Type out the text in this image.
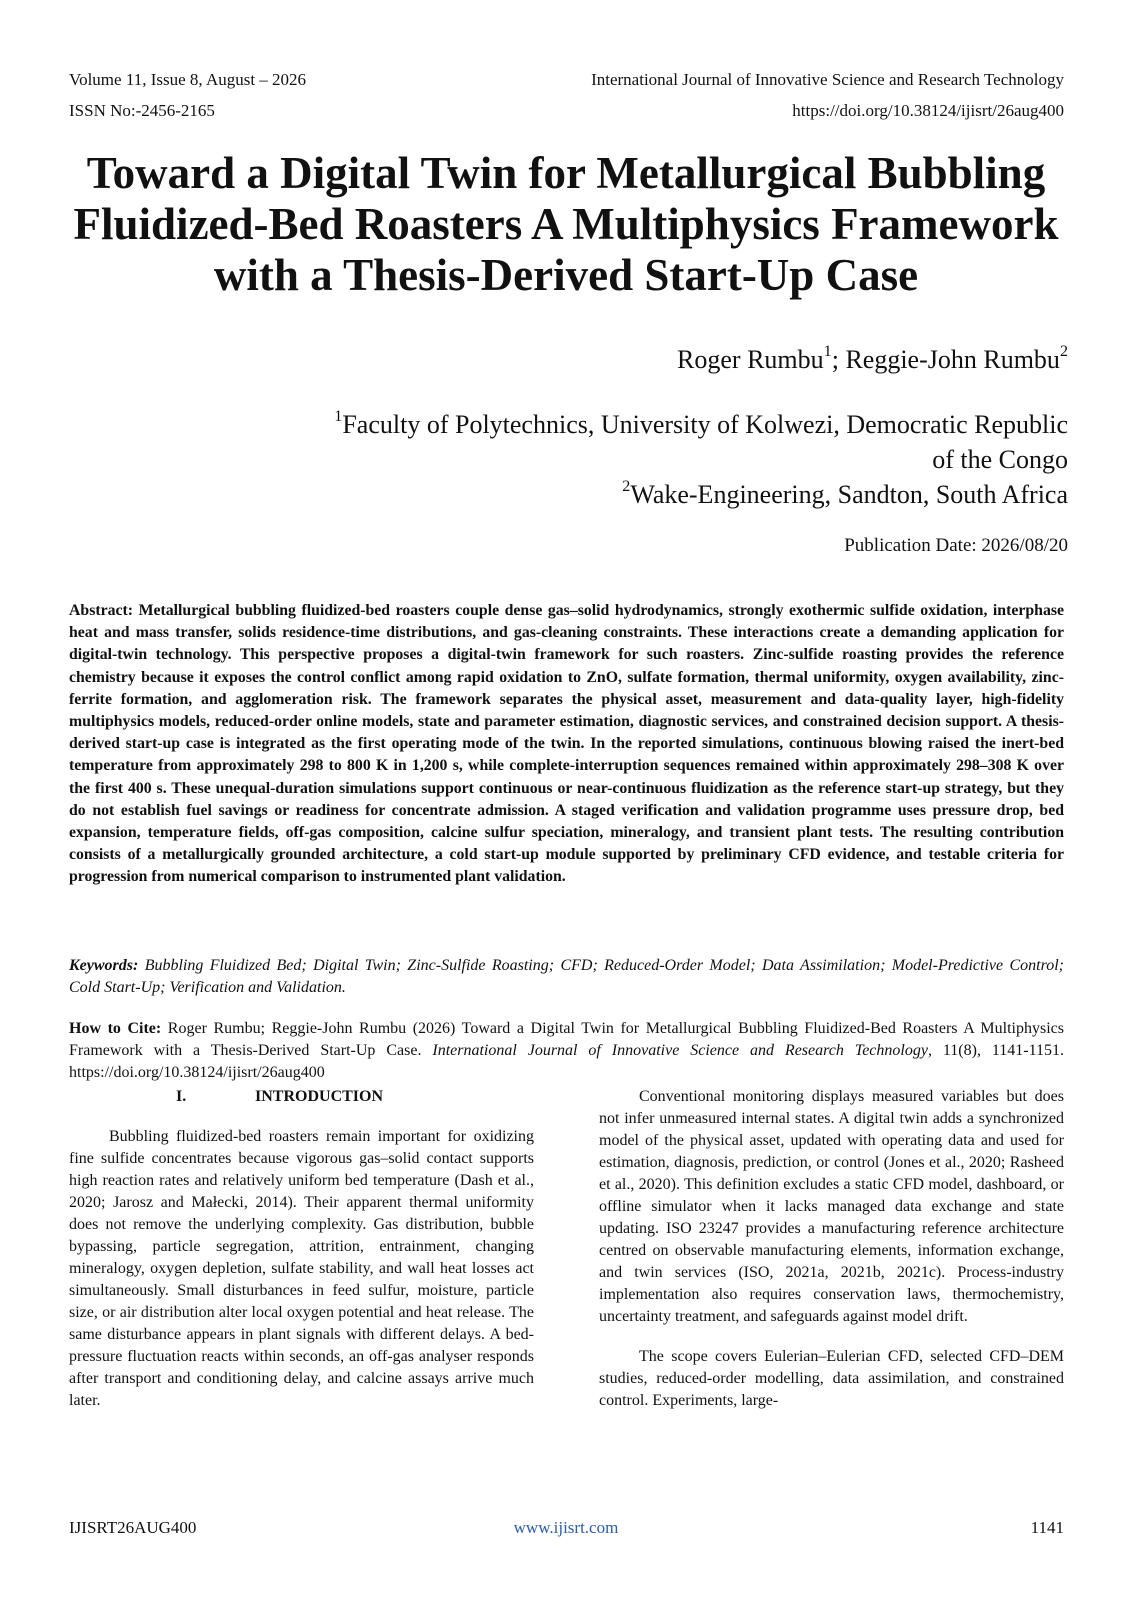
Volume 11, Issue 8, August – 2026	International Journal of Innovative Science and Research Technology
ISSN No:-2456-2165	https://doi.org/10.38124/ijisrt/26aug400
Toward a Digital Twin for Metallurgical Bubbling Fluidized-Bed Roasters A Multiphysics Framework with a Thesis-Derived Start-Up Case
Roger Rumbu$^1$; Reggie-John Rumbu$^2$
$^1$Faculty of Polytechnics, University of Kolwezi, Democratic Republic of the Congo
$^2$Wake-Engineering, Sandton, South Africa
Publication Date: 2026/08/20

Abstract: Metallurgical bubbling fluidized-bed roasters couple dense gas–solid hydrodynamics, strongly exothermic sulfide oxidation, interphase heat and mass transfer, solids residence-time distributions, and gas-cleaning constraints. These interactions create a demanding application for digital-twin technology. This perspective proposes a digital-twin framework for such roasters. Zinc-sulfide roasting provides the reference chemistry because it exposes the control conflict among rapid oxidation to ZnO, sulfate formation, thermal uniformity, oxygen availability, zinc-ferrite formation, and agglomeration risk. The framework separates the physical asset, measurement and data-quality layer, high-fidelity multiphysics models, reduced-order online models, state and parameter estimation, diagnostic services, and constrained decision support. A thesis-derived start-up case is integrated as the first operating mode of the twin. In the reported simulations, continuous blowing raised the inert-bed temperature from approximately 298 to 800 K in 1,200 s, while complete-interruption sequences remained within approximately 298–308 K over the first 400 s. These unequal-duration simulations support continuous or near-continuous fluidization as the reference start-up strategy, but they do not establish fuel savings or readiness for concentrate admission. A staged verification and validation programme uses pressure drop, bed expansion, temperature fields, off-gas composition, calcine sulfur speciation, mineralogy, and transient plant tests. The resulting contribution consists of a metallurgically grounded architecture, a cold start-up module supported by preliminary CFD evidence, and testable criteria for progression from numerical comparison to instrumented plant validation.

Keywords: Bubbling Fluidized Bed; Digital Twin; Zinc-Sulfide Roasting; CFD; Reduced-Order Model; Data Assimilation; Model-Predictive Control; Cold Start-Up; Verification and Validation.

How to Cite: Roger Rumbu; Reggie-John Rumbu (2026) Toward a Digital Twin for Metallurgical Bubbling Fluidized-Bed Roasters A Multiphysics Framework with a Thesis-Derived Start-Up Case. International Journal of Innovative Science and Research Technology, 11(8), 1141-1151. https://doi.org/10.38124/ijisrt/26aug400

I.	INTRODUCTION

Bubbling fluidized-bed roasters remain important for oxidizing fine sulfide concentrates because vigorous gas–solid contact supports high reaction rates and relatively uniform bed temperature (Dash et al., 2020; Jarosz and Małecki, 2014). Their apparent thermal uniformity does not remove the underlying complexity. Gas distribution, bubble bypassing, particle segregation, attrition, entrainment, changing mineralogy, oxygen depletion, sulfate stability, and wall heat losses act simultaneously. Small disturbances in feed sulfur, moisture, particle size, or air distribution alter local oxygen potential and heat release. The same disturbance appears in plant signals with different delays. A bed-pressure fluctuation reacts within seconds, an off-gas analyser responds after transport and conditioning delay, and calcine assays arrive much later.

Conventional monitoring displays measured variables but does not infer unmeasured internal states. A digital twin adds a synchronized model of the physical asset, updated with operating data and used for estimation, diagnosis, prediction, or control (Jones et al., 2020; Rasheed et al., 2020). This definition excludes a static CFD model, dashboard, or offline simulator when it lacks managed data exchange and state updating. ISO 23247 provides a manufacturing reference architecture centred on observable manufacturing elements, information exchange, and twin services (ISO, 2021a, 2021b, 2021c). Process-industry implementation also requires conservation laws, thermochemistry, uncertainty treatment, and safeguards against model drift.

The scope covers Eulerian–Eulerian CFD, selected CFD–DEM studies, reduced-order modelling, data assimilation, and constrained control. Experiments, large-

IJISRT26AUG400	www.ijisrt.com	1141
